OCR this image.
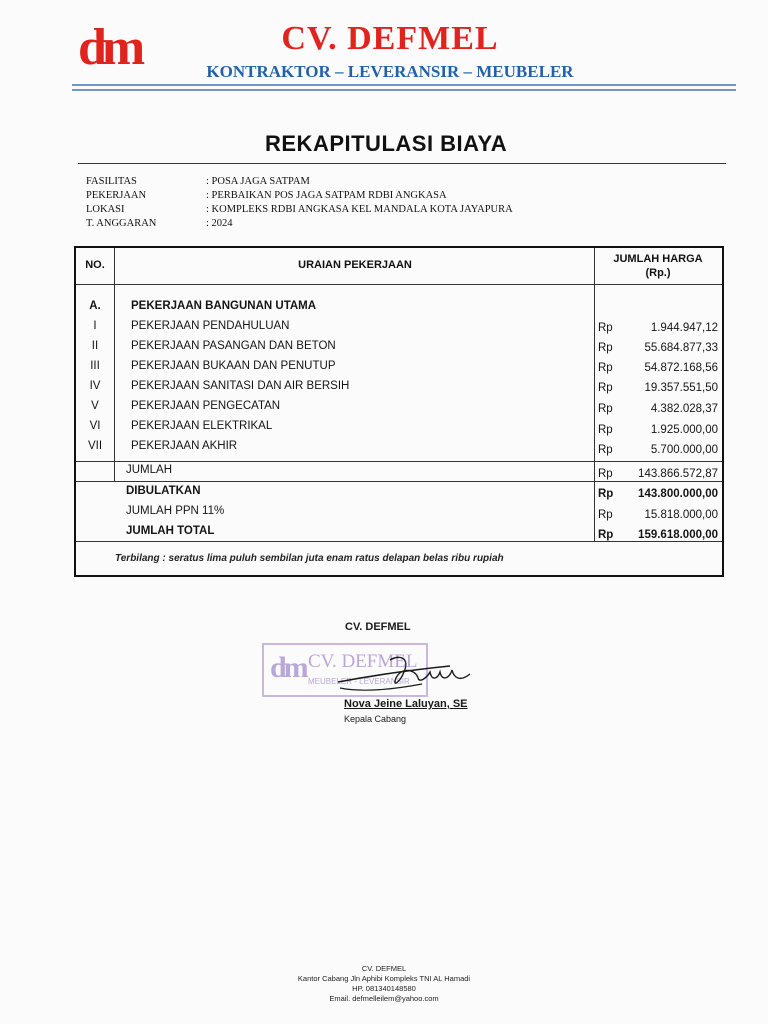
dm	CV. DEFMEL
KONTRAKTOR – LEVERANSIR – MEUBELER
REKAPITULASI BIAYA
FASILITAS	: POSA JAGA SATPAM
PEKERJAAN	: PERBAIKAN POS JAGA SATPAM RDBI ANGKASA
LOKASI	: KOMPLEKS RDBI ANGKASA KEL MANDALA KOTA JAYAPURA
T. ANGGARAN	: 2024
NO.	URAIAN PEKERJAAN	JUMLAH HARGA
(Rp.)
A.	PEKERJAAN BANGUNAN UTAMA
I	PEKERJAAN PENDAHULUAN	Rp	1.944.947,12
II	PEKERJAAN PASANGAN DAN BETON	Rp	55.684.877,33
III	PEKERJAAN BUKAAN DAN PENUTUP	Rp	54.872.168,56
IV	PEKERJAAN SANITASI DAN AIR BERSIH	Rp	19.357.551,50
V	PEKERJAAN PENGECATAN	Rp	4.382.028,37
VI	PEKERJAAN ELEKTRIKAL	Rp	1.925.000,00
VII	PEKERJAAN AKHIR	Rp	5.700.000,00
JUMLAH	Rp	143.866.572,87
DIBULATKAN	Rp	143.800.000,00
JUMLAH PPN 11%	Rp	15.818.000,00
JUMLAH TOTAL	Rp	159.618.000,00
Terbilang : seratus lima puluh sembilan juta enam ratus delapan belas ribu rupiah
CV. DEFMEL
dm CV. DEFMEL
MEUBELER - LEVERANSIR
Nova Jeine Laluyan, SE
Kepala Cabang
CV. DEFMEL
Kantor Cabang Jln Aphibi Kompleks TNI AL Hamadi
HP. 081340148580
Email. defmelleilem@yahoo.com
